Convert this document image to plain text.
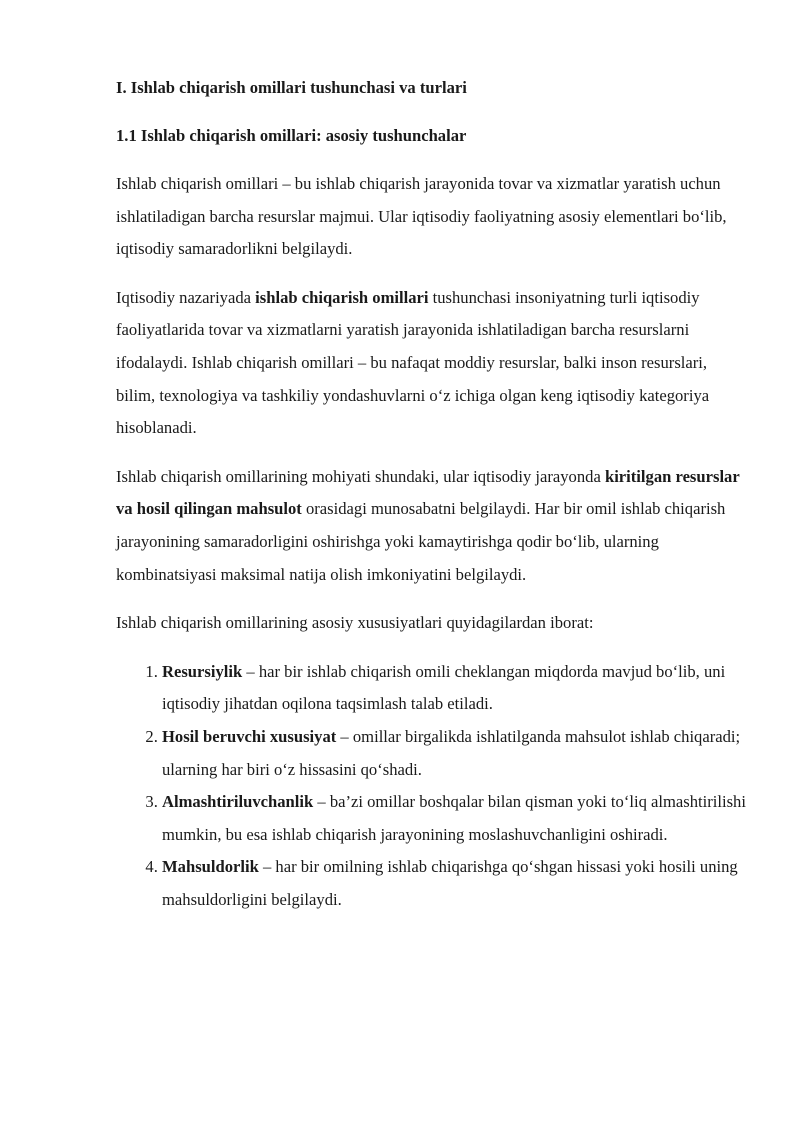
I. Ishlab chiqarish omillari tushunchasi va turlari
1.1 Ishlab chiqarish omillari: asosiy tushunchalar

Ishlab chiqarish omillari – bu ishlab chiqarish jarayonida tovar va xizmatlar yaratish uchun ishlatiladigan barcha resurslar majmui. Ular iqtisodiy faoliyatning asosiy elementlari bo‘lib, iqtisodiy samaradorlikni belgilaydi.

Iqtisodiy nazariyada ishlab chiqarish omillari tushunchasi insoniyatning turli iqtisodiy faoliyatlarida tovar va xizmatlarni yaratish jarayonida ishlatiladigan barcha resurslarni ifodalaydi. Ishlab chiqarish omillari – bu nafaqat moddiy resurslar, balki inson resurslari, bilim, texnologiya va tashkiliy yondashuvlarni o‘z ichiga olgan keng iqtisodiy kategoriya hisoblanadi.

Ishlab chiqarish omillarining mohiyati shundaki, ular iqtisodiy jarayonda kiritilgan resurslar va hosil qilingan mahsulot orasidagi munosabatni belgilaydi. Har bir omil ishlab chiqarish jarayonining samaradorligini oshirishga yoki kamaytirishga qodir bo‘lib, ularning kombinatsiyasi maksimal natija olish imkoniyatini belgilaydi.

Ishlab chiqarish omillarining asosiy xususiyatlari quyidagilardan iborat:

1. Resursiylik – har bir ishlab chiqarish omili cheklangan miqdorda mavjud bo‘lib, uni iqtisodiy jihatdan oqilona taqsimlash talab etiladi.
2. Hosil beruvchi xususiyat – omillar birgalikda ishlatilganda mahsulot ishlab chiqaradi; ularning har biri o‘z hissasini qo‘shadi.
3. Almashtiriluvchanlik – ba’zi omillar boshqalar bilan qisman yoki to‘liq almashtirilishi mumkin, bu esa ishlab chiqarish jarayonining moslashuvchanligini oshiradi.
4. Mahsuldorlik – har bir omilning ishlab chiqarishga qo‘shgan hissasi yoki hosili uning mahsuldorligini belgilaydi.
